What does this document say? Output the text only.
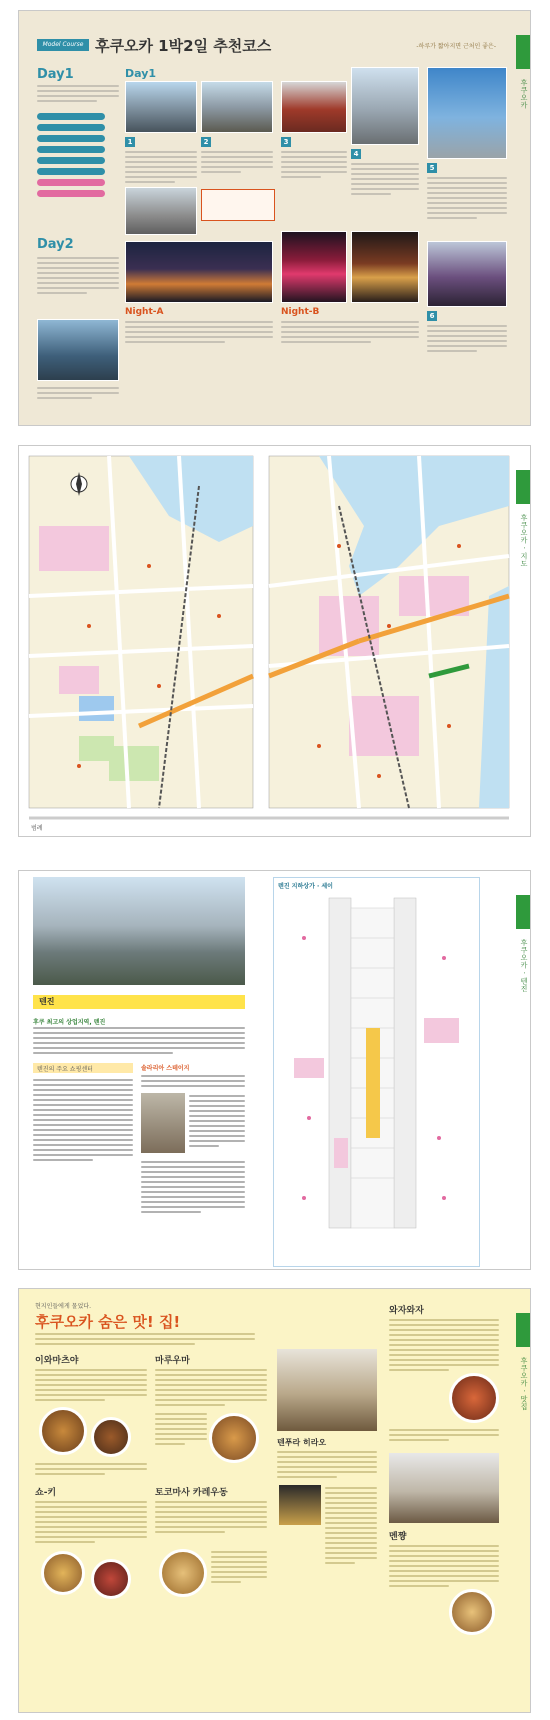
Model Course 후쿠오카 1박2일 추천코스	-하루가 짧아지면 근처인 좋은-
후쿠오카
Day1
Day2
Day1
1	2
Night-A
3
4
Night-B
5
6
후쿠오카 · 지도
범례
후쿠오카 · 텐진
텐진
후쿠 최고의 상업지역, 텐진
텐진의 주요 쇼핑센터	솔라리아 스테이지
텐진 지하상가 · 세이
후쿠오카 · 맛집
현지인들에게 물었다.
후쿠오카 숨은 맛! 집!
이와마츠야
쇼-키
마루우마
토코마사 카레우동
텐푸라 히라오
와자와자
멘쨩
